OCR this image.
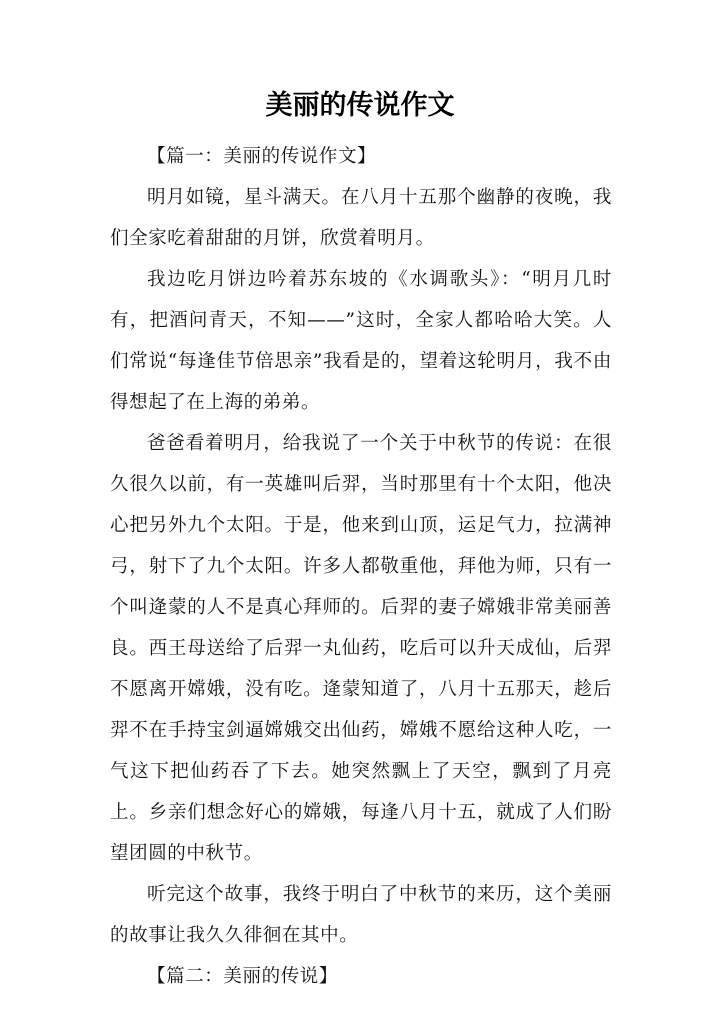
美丽的传说作文

【篇一：美丽的传说作文】

明月如镜，星斗满天。在八月十五那个幽静的夜晚，我们全家吃着甜甜的月饼，欣赏着明月。

我边吃月饼边吟着苏东坡的《水调歌头》：“明月几时有，把酒问青天，不知——”这时，全家人都哈哈大笑。人们常说“每逢佳节倍思亲”我看是的，望着这轮明月，我不由得想起了在上海的弟弟。

爸爸看着明月，给我说了一个关于中秋节的传说：在很久很久以前，有一英雄叫后羿，当时那里有十个太阳，他决心把另外九个太阳。于是，他来到山顶，运足气力，拉满神弓，射下了九个太阳。许多人都敬重他，拜他为师，只有一个叫逄蒙的人不是真心拜师的。后羿的妻子嫦娥非常美丽善良。西王母送给了后羿一丸仙药，吃后可以升天成仙，后羿不愿离开嫦娥，没有吃。逄蒙知道了，八月十五那天，趁后羿不在手持宝剑逼嫦娥交出仙药，嫦娥不愿给这种人吃，一气这下把仙药吞了下去。她突然飘上了天空，飘到了月亮上。乡亲们想念好心的嫦娥，每逢八月十五，就成了人们盼望团圆的中秋节。

听完这个故事，我终于明白了中秋节的来历，这个美丽的故事让我久久徘徊在其中。

【篇二：美丽的传说】
